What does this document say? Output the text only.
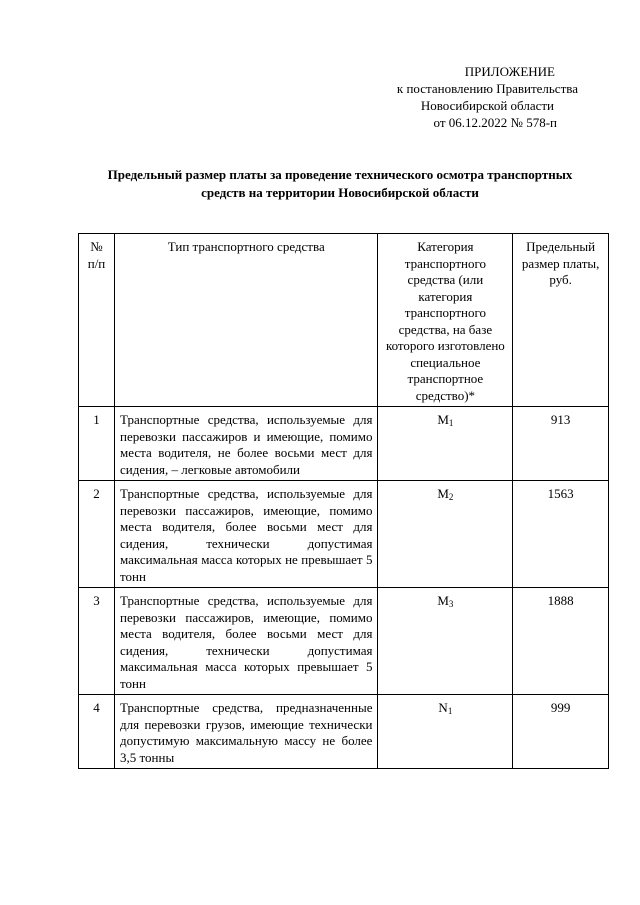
ПРИЛОЖЕНИЕ
к постановлению Правительства
Новосибирской области
от 06.12.2022 № 578-п
Предельный размер платы за проведение технического осмотра транспортных средств на территории Новосибирской области
№ п/п	Тип транспортного средства	Категория транспортного средства (или категория транспортного средства, на базе которого изготовлено специальное транспортное средство)*	Предельный размер платы, руб.
1	Транспортные средства, используемые для перевозки пассажиров и имеющие, помимо места водителя, не более восьми мест для сидения, – легковые автомобили	M1	913
2	Транспортные средства, используемые для перевозки пассажиров, имеющие, помимо места водителя, более восьми мест для сидения, технически допустимая максимальная масса которых не превышает 5 тонн	M2	1563
3	Транспортные средства, используемые для перевозки пассажиров, имеющие, помимо места водителя, более восьми мест для сидения, технически допустимая максимальная масса которых превышает 5 тонн	M3	1888
4	Транспортные средства, предназначенные для перевозки грузов, имеющие технически допустимую максимальную массу не более 3,5 тонны	N1	999
